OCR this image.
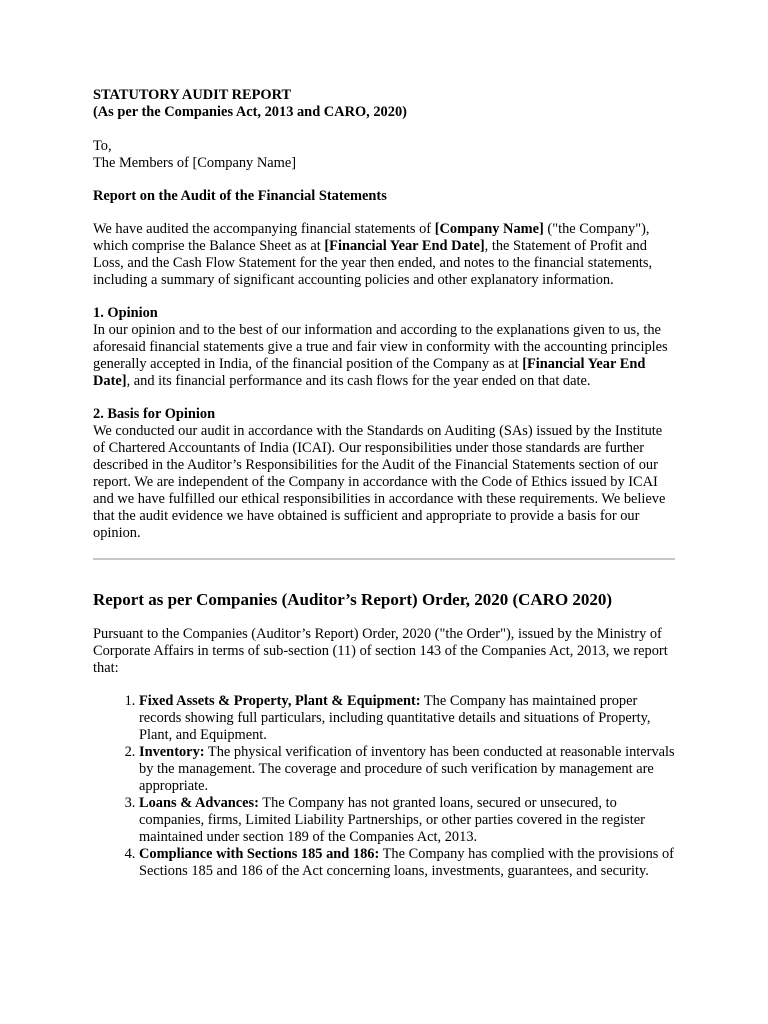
STATUTORY AUDIT REPORT
(As per the Companies Act, 2013 and CARO, 2020)

To,

The Members of [Company Name]

Report on the Audit of the Financial Statements

We have audited the accompanying financial statements of [Company Name] ("the Company"), which comprise the Balance Sheet as at [Financial Year End Date], the Statement of Profit and Loss, and the Cash Flow Statement for the year then ended, and notes to the financial statements, including a summary of significant accounting policies and other explanatory information.

1. Opinion

In our opinion and to the best of our information and according to the explanations given to us, the aforesaid financial statements give a true and fair view in conformity with the accounting principles generally accepted in India, of the financial position of the Company as at [Financial Year End Date], and its financial performance and its cash flows for the year ended on that date.

2. Basis for Opinion

We conducted our audit in accordance with the Standards on Auditing (SAs) issued by the Institute of Chartered Accountants of India (ICAI). Our responsibilities under those standards are further described in the Auditor’s Responsibilities for the Audit of the Financial Statements section of our report. We are independent of the Company in accordance with the Code of Ethics issued by ICAI and we have fulfilled our ethical responsibilities in accordance with these requirements. We believe that the audit evidence we have obtained is sufficient and appropriate to provide a basis for our opinion.

Report as per Companies (Auditor’s Report) Order, 2020 (CARO 2020)

Pursuant to the Companies (Auditor’s Report) Order, 2020 ("the Order"), issued by the Ministry of Corporate Affairs in terms of sub-section (11) of section 143 of the Companies Act, 2013, we report that:

1. Fixed Assets & Property, Plant & Equipment: The Company has maintained proper records showing full particulars, including quantitative details and situations of Property, Plant, and Equipment.
2. Inventory: The physical verification of inventory has been conducted at reasonable intervals by the management. The coverage and procedure of such verification by management are appropriate.
3. Loans & Advances: The Company has not granted loans, secured or unsecured, to companies, firms, Limited Liability Partnerships, or other parties covered in the register maintained under section 189 of the Companies Act, 2013.
4. Compliance with Sections 185 and 186: The Company has complied with the provisions of Sections 185 and 186 of the Act concerning loans, investments, guarantees, and security.
